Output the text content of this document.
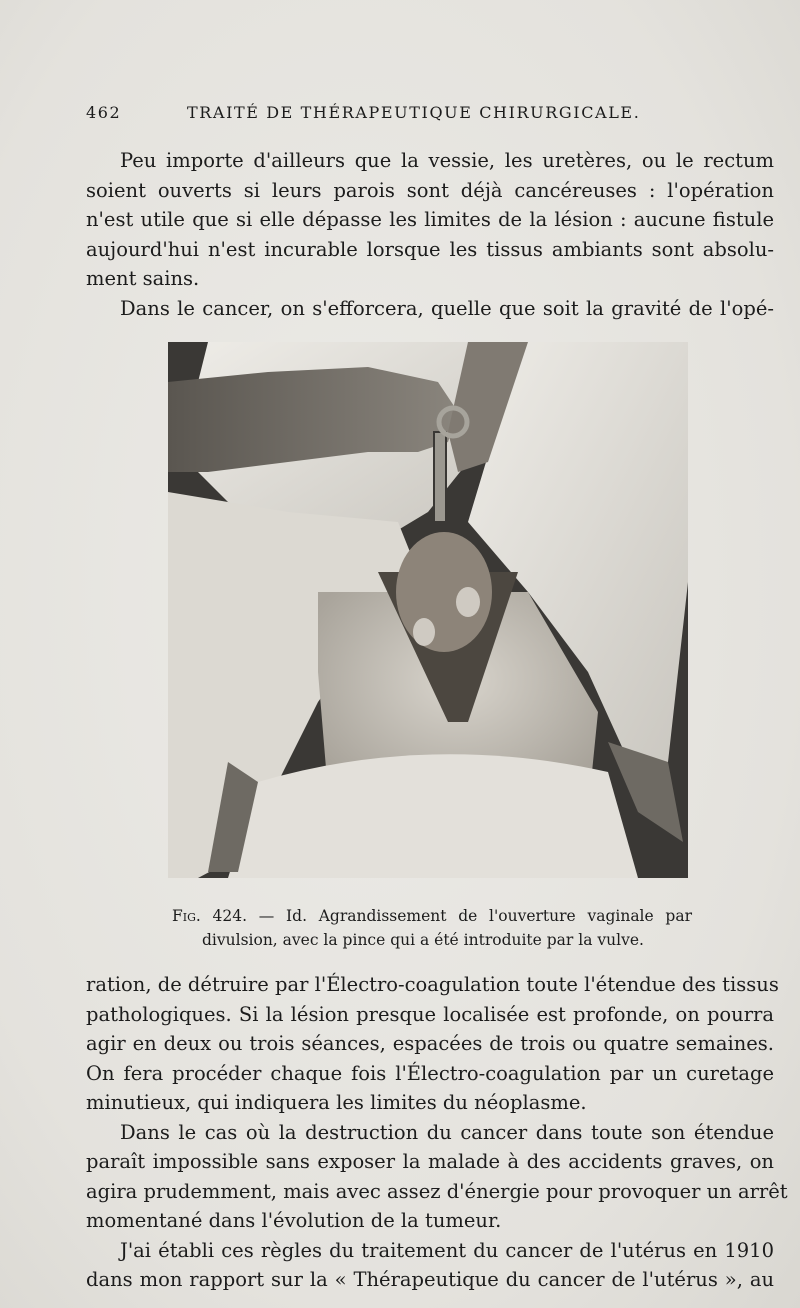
462	TRAITÉ DE THÉRAPEUTIQUE CHIRURGICALE.

Peu importe d'ailleurs que la vessie, les uretères, ou le rectum

soient ouverts si leurs parois sont déjà cancéreuses : l'opération

n'est utile que si elle dépasse les limites de la lésion : aucune fistule

aujourd'hui n'est incurable lorsque les tissus ambiants sont absolu-

ment sains.

Dans le cancer, on s'efforcera, quelle que soit la gravité de l'opé-

Fig. 424. — Id. Agrandissement de l'ouverture vaginale par
divulsion, avec la pince qui a été introduite par la vulve.

ration, de détruire par l'Électro-coagulation toute l'étendue des tissus

pathologiques. Si la lésion presque localisée est profonde, on pourra

agir en deux ou trois séances, espacées de trois ou quatre semaines.

On fera procéder chaque fois l'Électro-coagulation par un curetage

minutieux, qui indiquera les limites du néoplasme.

Dans le cas où la destruction du cancer dans toute son étendue

paraît impossible sans exposer la malade à des accidents graves, on

agira prudemment, mais avec assez d'énergie pour provoquer un arrêt

momentané dans l'évolution de la tumeur.

J'ai établi ces règles du traitement du cancer de l'utérus en 1910

dans mon rapport sur la « Thérapeutique du cancer de l'utérus », au
